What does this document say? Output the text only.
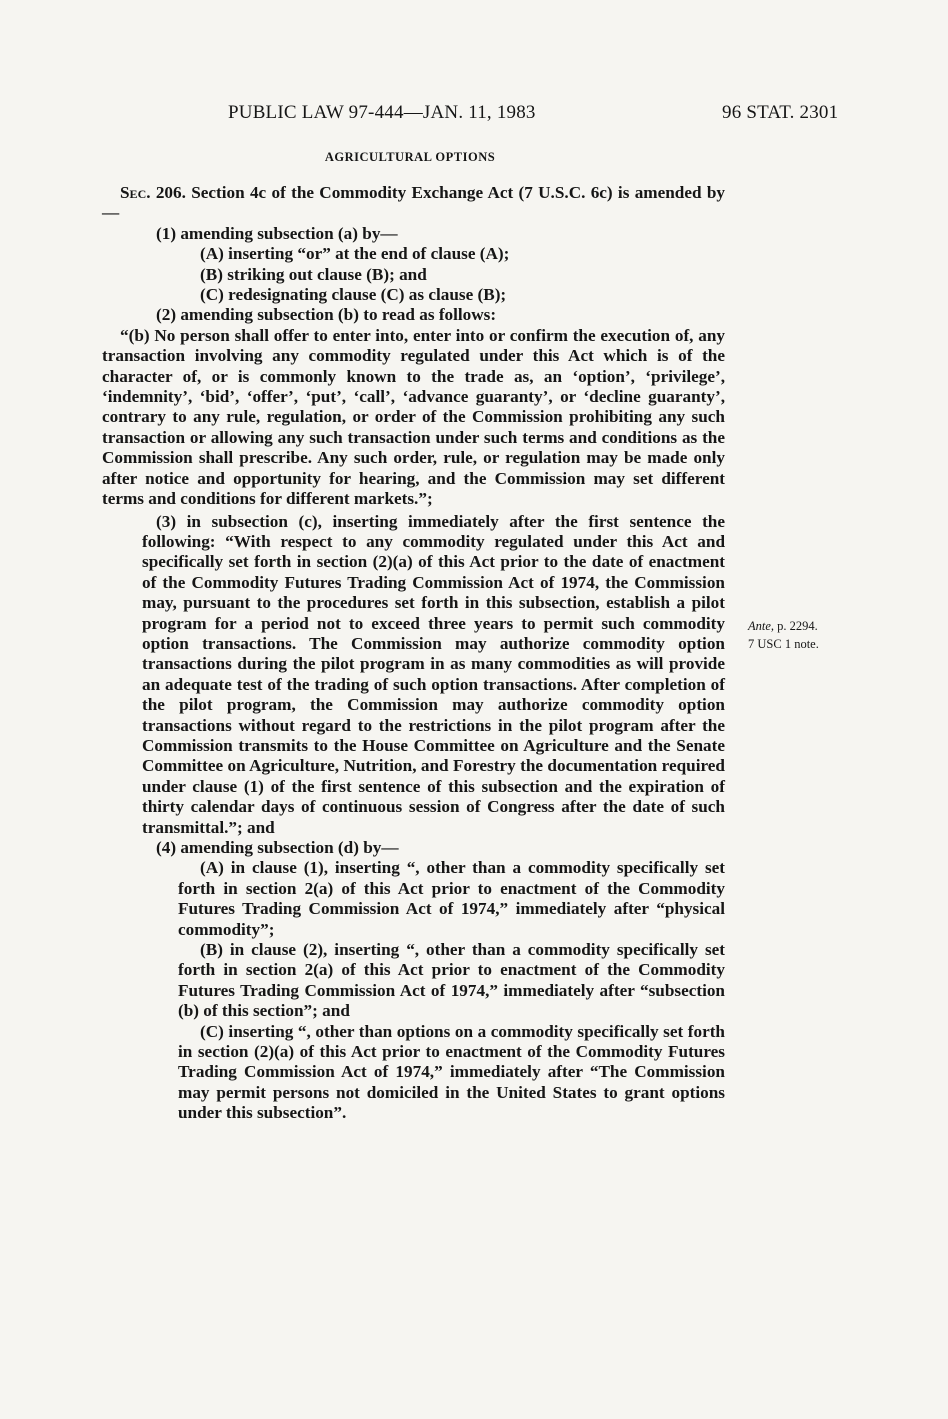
PUBLIC LAW 97-444—JAN. 11, 1983	96 STAT. 2301
AGRICULTURAL OPTIONS

Sec. 206. Section 4c of the Commodity Exchange Act (7 U.S.C. 6c) is amended by—

(1) amending subsection (a) by—

(A) inserting “or” at the end of clause (A);

(B) striking out clause (B); and

(C) redesignating clause (C) as clause (B);

(2) amending subsection (b) to read as follows:

“(b) No person shall offer to enter into, enter into or confirm the execution of, any transaction involving any commodity regulated under this Act which is of the character of, or is commonly known to the trade as, an ‘option’, ‘privilege’, ‘indemnity’, ‘bid’, ‘offer’, ‘put’, ‘call’, ‘advance guaranty’, or ‘decline guaranty’, contrary to any rule, regulation, or order of the Commission prohibiting any such transaction or allowing any such transaction under such terms and conditions as the Commission shall prescribe. Any such order, rule, or regulation may be made only after notice and opportunity for hearing, and the Commission may set different terms and conditions for different markets.”;

(3) in subsection (c), inserting immediately after the first sentence the following: “With respect to any commodity regulated under this Act and specifically set forth in section (2)(a) of this Act prior to the date of enactment of the Commodity Futures Trading Commission Act of 1974, the Commission may, pursuant to the procedures set forth in this subsection, establish a pilot program for a period not to exceed three years to permit such commodity option transactions. The Commission may authorize commodity option transactions during the pilot program in as many commodities as will provide an adequate test of the trading of such option transactions. After completion of the pilot program, the Commission may authorize commodity option transactions without regard to the restrictions in the pilot program after the Commission transmits to the House Committee on Agriculture and the Senate Committee on Agriculture, Nutrition, and Forestry the documentation required under clause (1) of the first sentence of this subsection and the expiration of thirty calendar days of continuous session of Congress after the date of such transmittal.”; and

(4) amending subsection (d) by—

(A) in clause (1), inserting “, other than a commodity specifically set forth in section 2(a) of this Act prior to enactment of the Commodity Futures Trading Commission Act of 1974,” immediately after “physical commodity”;

(B) in clause (2), inserting “, other than a commodity specifically set forth in section 2(a) of this Act prior to enactment of the Commodity Futures Trading Commission Act of 1974,” immediately after “subsection (b) of this section”; and

(C) inserting “, other than options on a commodity specifically set forth in section (2)(a) of this Act prior to enactment of the Commodity Futures Trading Commission Act of 1974,” immediately after “The Commission may permit persons not domiciled in the United States to grant options under this subsection”.

Ante, p. 2294.
7 USC 1 note.
